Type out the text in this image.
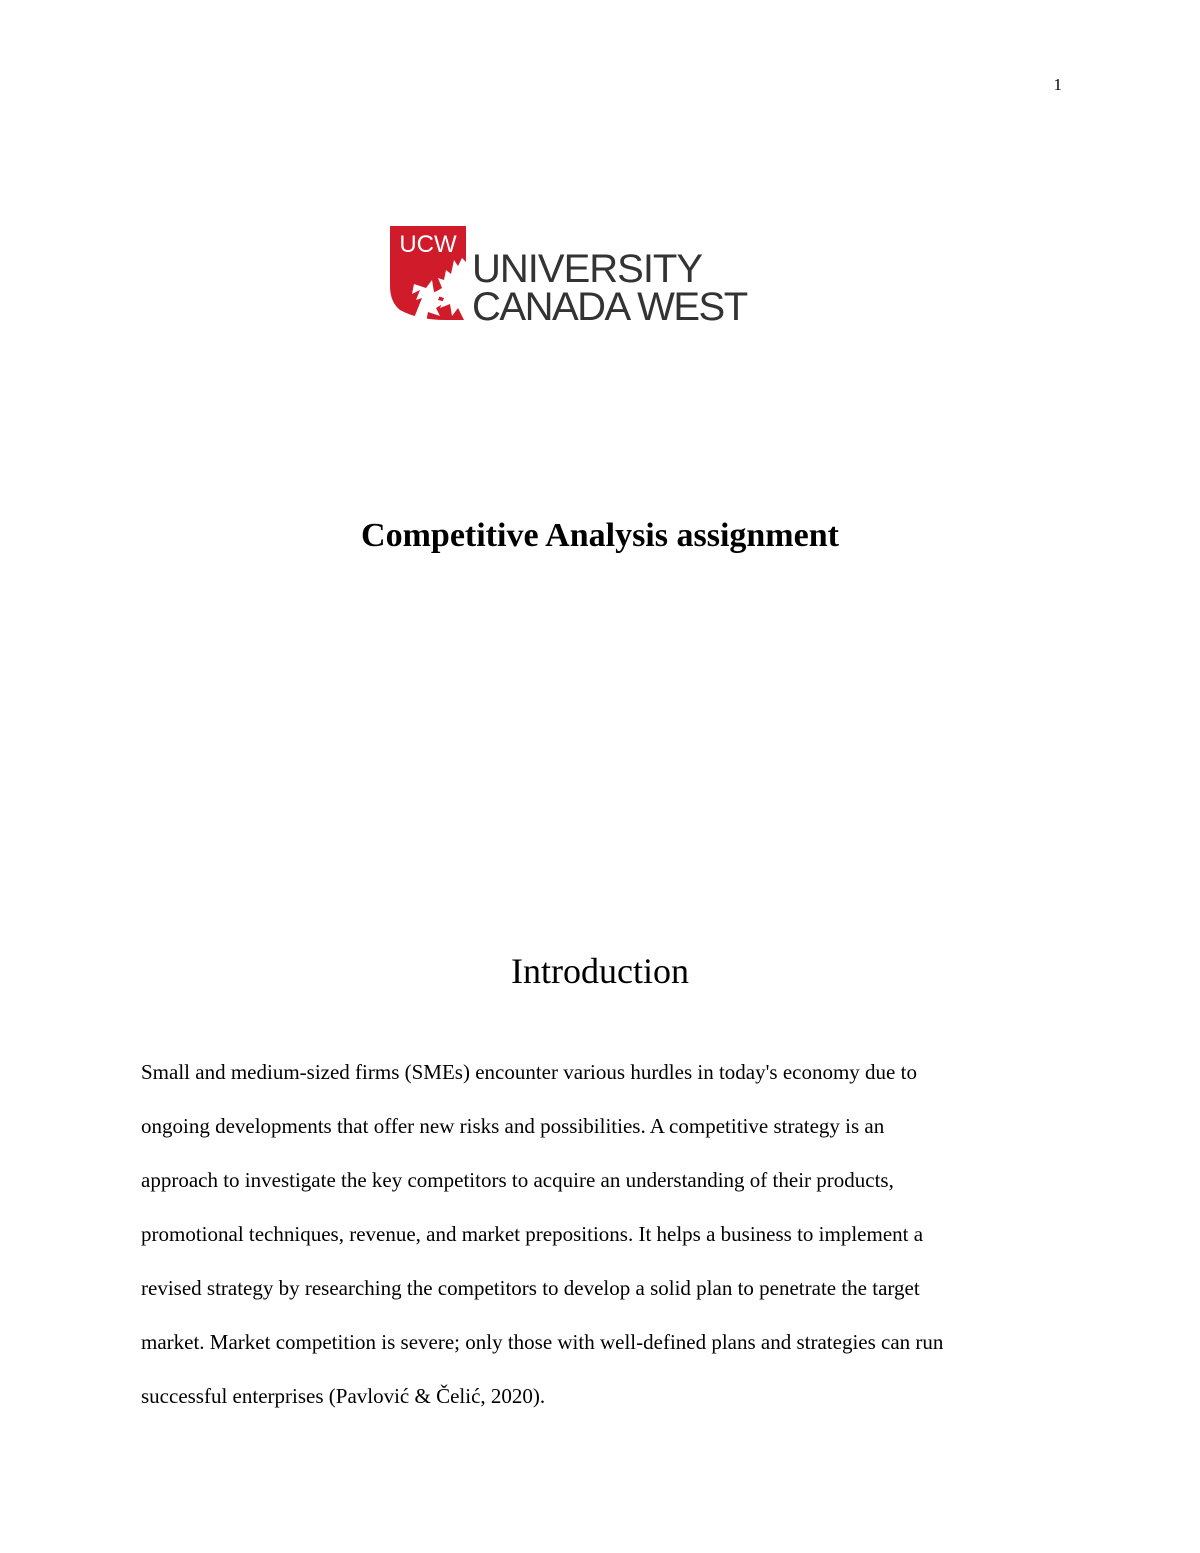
1
UCW
UNIVERSITY
CANADA WEST
Competitive Analysis assignment
Introduction

Small and medium-sized firms (SMEs) encounter various hurdles in today's economy due to
ongoing developments that offer new risks and possibilities. A competitive strategy is an
approach to investigate the key competitors to acquire an understanding of their products,
promotional techniques, revenue, and market prepositions. It helps a business to implement a
revised strategy by researching the competitors to develop a solid plan to penetrate the target
market. Market competition is severe; only those with well-defined plans and strategies can run
successful enterprises (Pavlović & Čelić, 2020).
